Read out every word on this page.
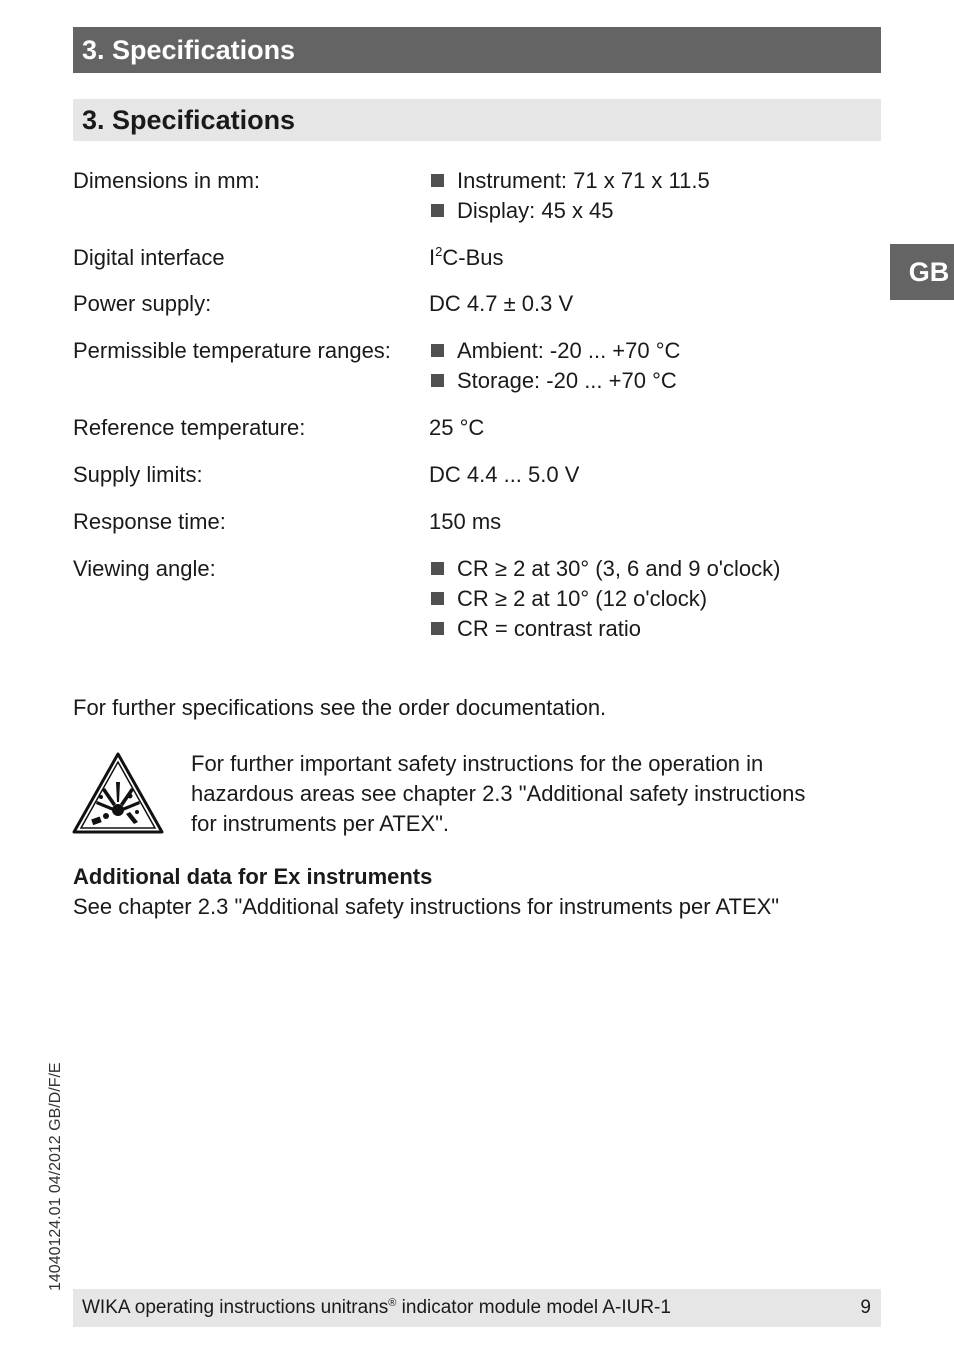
3. Specifications
3. Specifications
GB
Dimensions in mm:	Instrument: 71 x 71 x 11.5
Display: 45 x 45
Digital interface	$I^2C$-Bus
Power supply:	DC 4.7 ± 0.3 V
Permissible temperature ranges:	Ambient: -20 ... +70 °C
Storage: -20 ... +70 °C
Reference temperature:	25 °C
Supply limits:	DC 4.4 ... 5.0 V
Response time:	150 ms
Viewing angle:	CR ≥ 2 at 30° (3, 6 and 9 o'clock)
CR ≥ 2 at 10° (12 o'clock)
CR = contrast ratio
For further specifications see the order documentation.
For further important safety instructions for the operation in
hazardous areas see chapter 2.3 "Additional safety instructions
for instruments per ATEX".
Additional data for Ex instruments
See chapter 2.3 "Additional safety instructions for instruments per ATEX"
14040124.01 04/2012 GB/D/F/E
WIKA operating instructions unitrans® indicator module model A-IUR-1	9
